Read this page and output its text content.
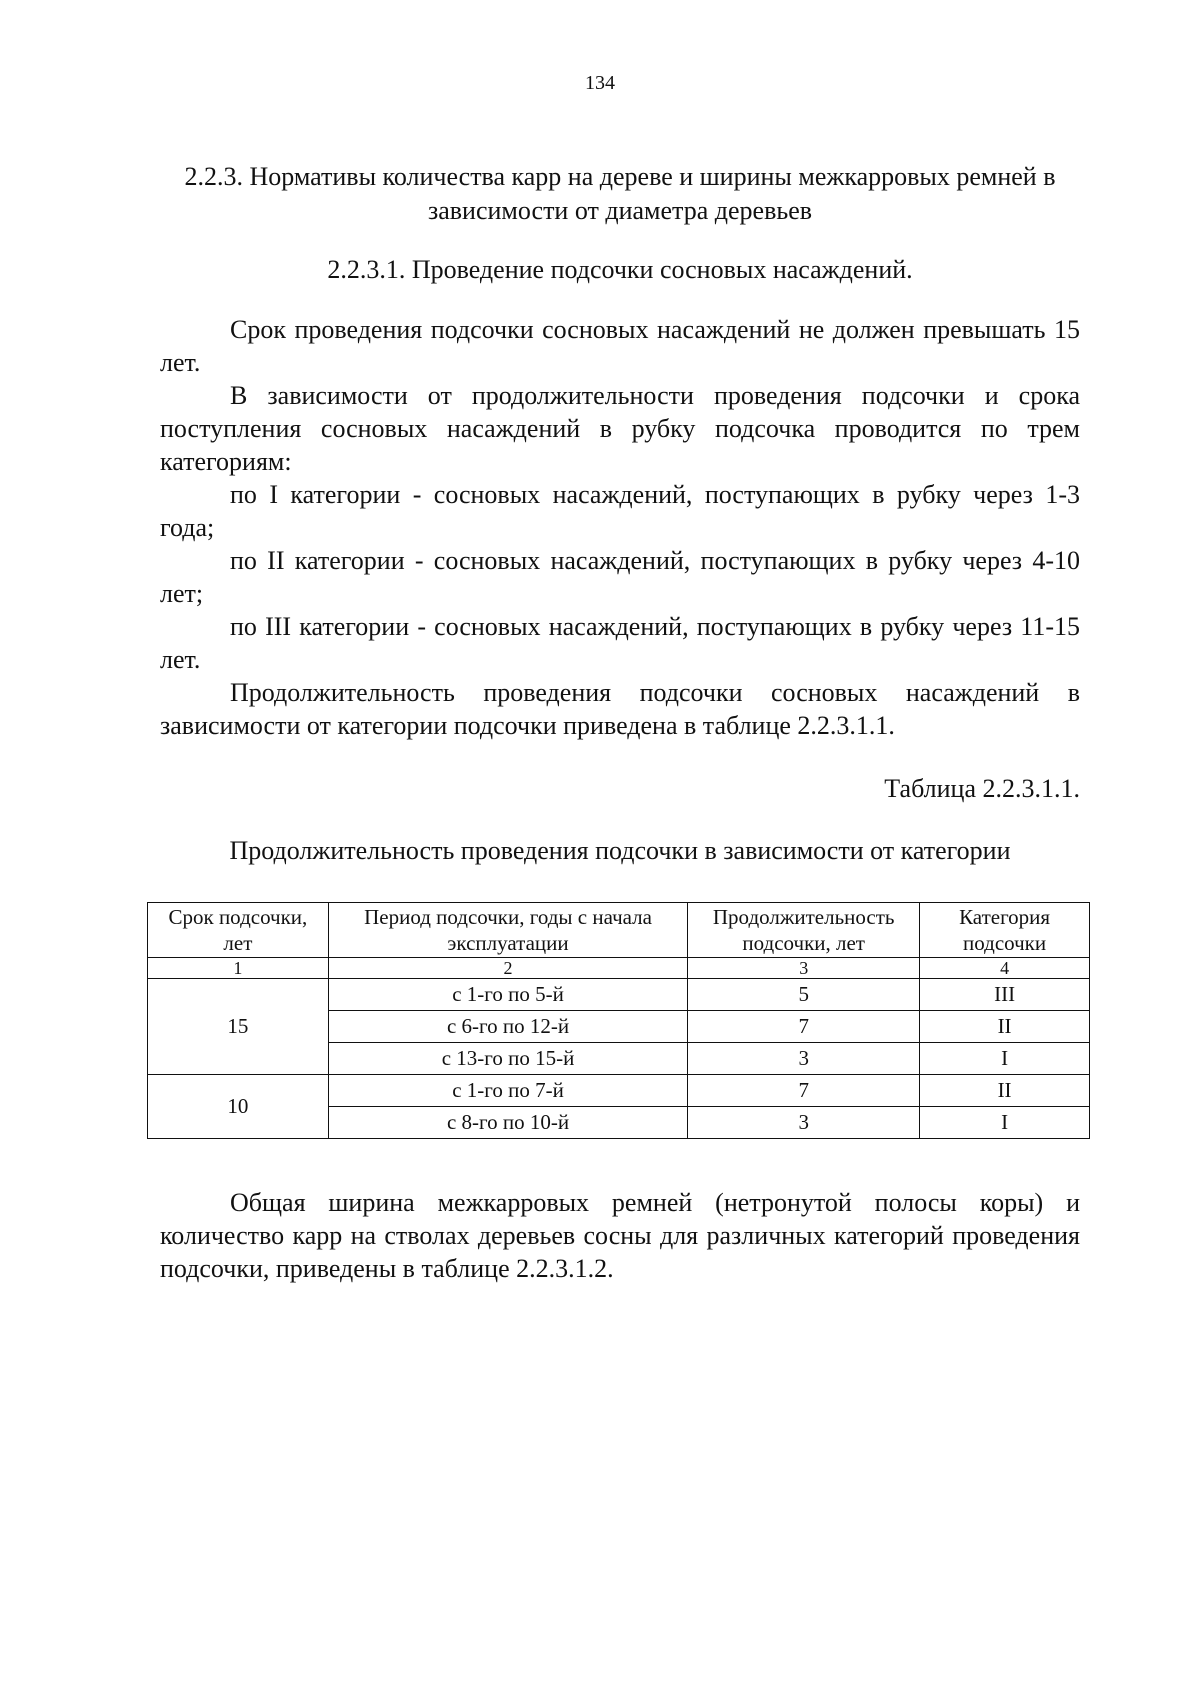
134
2.2.3. Нормативы количества карр на дереве и ширины межкарровых ремней в зависимости от диаметра деревьев
2.2.3.1. Проведение подсочки сосновых насаждений.

Срок проведения подсочки сосновых насаждений не должен превышать 15 лет.

В зависимости от продолжительности проведения подсочки и срока поступления сосновых насаждений в рубку подсочка проводится по трем категориям:

по I категории - сосновых насаждений, поступающих в рубку через 1-3 года;

по II категории - сосновых насаждений, поступающих в рубку через 4-10 лет;

по III категории - сосновых насаждений, поступающих в рубку через 11-15 лет.

Продолжительность проведения подсочки сосновых насаждений в зависимости от категории подсочки приведена в таблице 2.2.3.1.1.

Таблица 2.2.3.1.1.
Продолжительность проведения подсочки в зависимости от категории
Срок подсочки, лет	Период подсочки, годы с начала эксплуатации	Продолжительность подсочки, лет	Категория подсочки
1	2	3	4
15	с 1-го по 5-й	5	III
	с 6-го по 12-й	7	II
	с 13-го по 15-й	3	I
10	с 1-го по 7-й	7	II
	с 8-го по 10-й	3	I

Общая ширина межкарровых ремней (нетронутой полосы коры) и количество карр на стволах деревьев сосны для различных категорий проведения подсочки, приведены в таблице 2.2.3.1.2.
